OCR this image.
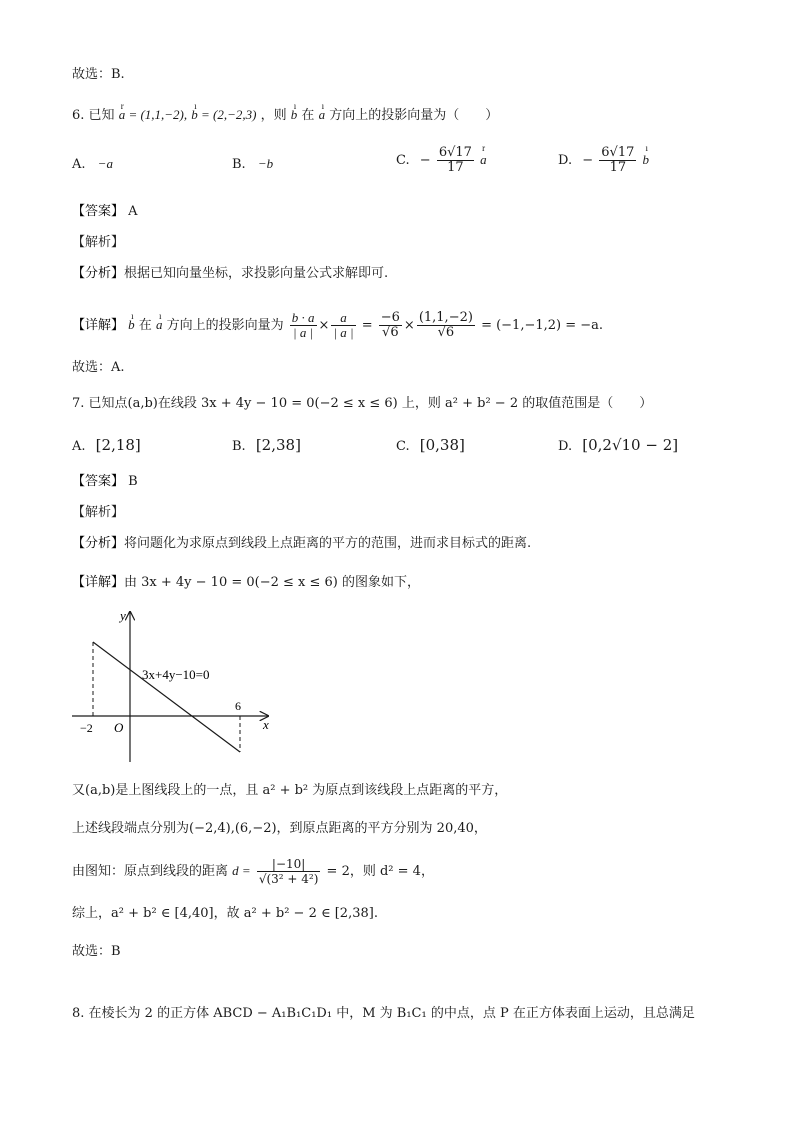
故选：B.
6. 已知 r a = (1,1,−2), ı b = (2,−2,3) ，则 ı b 在 ı a 方向上的投影向量为（　　）
A. −a	B. −b	C. − $\frac{6√17}{17}$ r a	D. − $\frac{6√17}{17}$ ı b
【答案】 A
【解析】
【分析】根据已知向量坐标，求投影向量公式求解即可.
【详解】 ı b 在 ı a 方向上的投影向量为 $\frac{b \cdot a}{| a |} \times \frac{a}{| a |} = \frac{-6}{√6} \times \frac{(1,1,-2)}{√6} = (-1,-1,2) = -a$.
故选：A.
7. 已知点(a,b)在线段 3x + 4y − 10 = 0(−2 ≤ x ≤ 6) 上，则 a² + b² − 2 的取值范围是（　　）
A. [2,18]	B. [2,38]	C. [0,38]	D. [0,2√10 − 2]
【答案】 B
【解析】
【分析】将问题化为求原点到线段上点距离的平方的范围，进而求目标式的距离.
【详解】由 3x + 4y − 10 = 0(−2 ≤ x ≤ 6) 的图象如下，
y
x
O
−2
6
3x+4y−10=0
又(a,b)是上图线段上的一点，且 a² + b² 为原点到该线段上点距离的平方，
上述线段端点分别为(−2,4),(6,−2)，到原点距离的平方分别为 20,40，
由图知：原点到线段的距离 $d = \frac{|-10|}{\text{√(3² + 4²)}} = 2$，则 d² = 4，
综上，a² + b² ∈ [4,40]，故 a² + b² − 2 ∈ [2,38].
故选：B
8. 在棱长为 2 的正方体 ABCD − A₁B₁C₁D₁ 中，M 为 B₁C₁ 的中点，点 P 在正方体表面上运动，且总满足
